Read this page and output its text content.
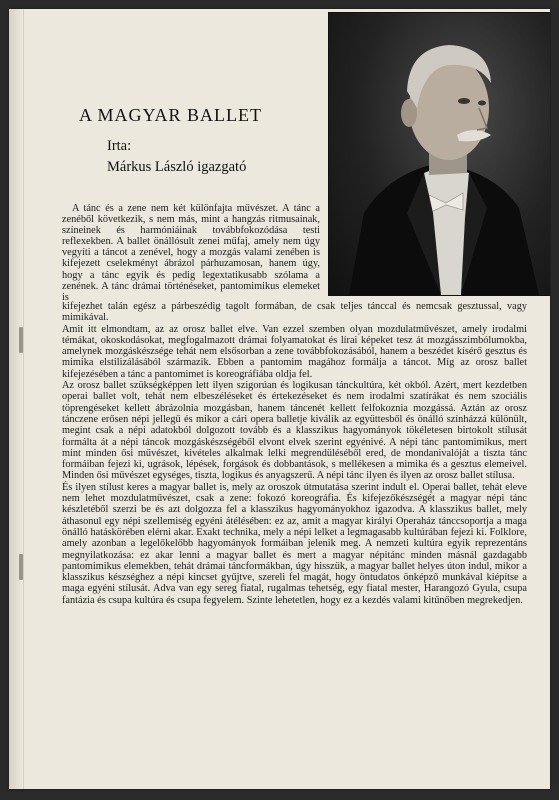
A MAGYAR BALLET
Irta:
Márkus László igazgató

A tánc és a zene nem két különfajta művészet. A tánc a zenéből következik, s nem más, mint a hangzás ritmusainak, színeinek és harmóniáinak továbbfokozódása testi reflexekben. A ballet önállósult zenei műfaj, amely nem úgy vegyíti a táncot a zenével, hogy a mozgás valami zenében is kifejezett cselekményt ábrázol párhuzamosan, hanem úgy, hogy a tánc egyik és pedig legextatikusabb szólama a zenének. A tánc drámai történéseket, pantomimikus elemeket is

kifejezhet talán egész a párbeszédig tagolt formában, de csak teljes tánccal és nemcsak gesztussal, vagy mimikával.

Amit itt elmondtam, az az orosz ballet elve. Van ezzel szemben olyan mozdulatművészet, amely irodalmi témákat, okoskodásokat, megfogalmazott drámai folyamatokat és lírai képeket tesz át mozgásszimbólumokba, amelynek mozgáskészsége tehát nem elsősorban a zene továbbfokozásából, hanem a beszédet kísérő gesztus és mimika elstilizálásából származik. Ebben a pantomim magához formálja a táncot. Míg az orosz ballet kifejezésében a tánc a pantomimet is koreográfiába oldja fel.

Az orosz ballet szükségképpen lett ilyen szigorúan és logikusan tánckultúra, két okból. Azért, mert kezdetben operai ballet volt, tehát nem elbeszéléseket és értekezéseket és nem irodalmi szatírákat és nem szociális töprengéseket kellett ábrázolnia mozgásban, hanem táncenét kellett felfokoznia mozgássá. Aztán az orosz tánczene erősen népi jellegű és mikor a cári opera balletje kiválik az együttesből és önálló színházzá különült, megint csak a népi adatokból dolgozott tovább és a klasszikus hagyományok tökéletesen birtokolt stílusát formálta át a népi táncok mozgáskészségéből elvont elvek szerint egyénivé. A népi tánc pantomimikus, mert mint minden ősi művészet, kivételes alkalmak lelki megrendüléséből ered, de mondanivalóját a tiszta tánc formáiban fejezi ki, ugrások, lépések, forgások és dobbantások, s mellékesen a mimika és a gesztus elemeivel. Minden ősi művészet egységes, tiszta, logikus és anyagszerű. A népi tánc ilyen és ilyen az orosz ballet stílusa.

És ilyen stílust keres a magyar ballet is, mely az oroszok útmutatása szerint indult el. Operai ballet, tehát eleve nem lehet mozdulatművészet, csak a zene: fokozó koreográfia. És kifejezőkészségét a magyar népi tánc készletéből szerzi be és azt dolgozza fel a klasszikus hagyományokhoz igazodva. A klasszikus ballet, mely áthasonul egy népi szellemiség egyéni átélésében: ez az, amit a magyar királyi Operaház tánccsoportja a maga önálló hatáskörében elérni akar. Exakt technika, mely a népi lelket a legmagasabb kultúrában fejezi ki. Folklore, amely azonban a legelőkelőbb hagyományok formáiban jelenik meg. A nemzeti kultúra egyik reprezentáns megnyilatkozása: ez akar lenni a magyar ballet és mert a magyar népitánc minden másnál gazdagabb pantomimikus elemekben, tehát drámai táncformákban, úgy hisszük, a magyar ballet helyes úton indul, mikor a klasszikus készséghez a népi kincset gyűjtve, szereli fel magát, hogy öntudatos önképző munkával kiépítse a maga egyéni stílusát. Adva van egy sereg fiatal, rugalmas tehetség, egy fiatal mester, Harangozó Gyula, csupa fantázia és csupa kultúra és csupa fegyelem. Szinte lehetetlen, hogy ez a kezdés valami kitűnőben megrekedjen.
